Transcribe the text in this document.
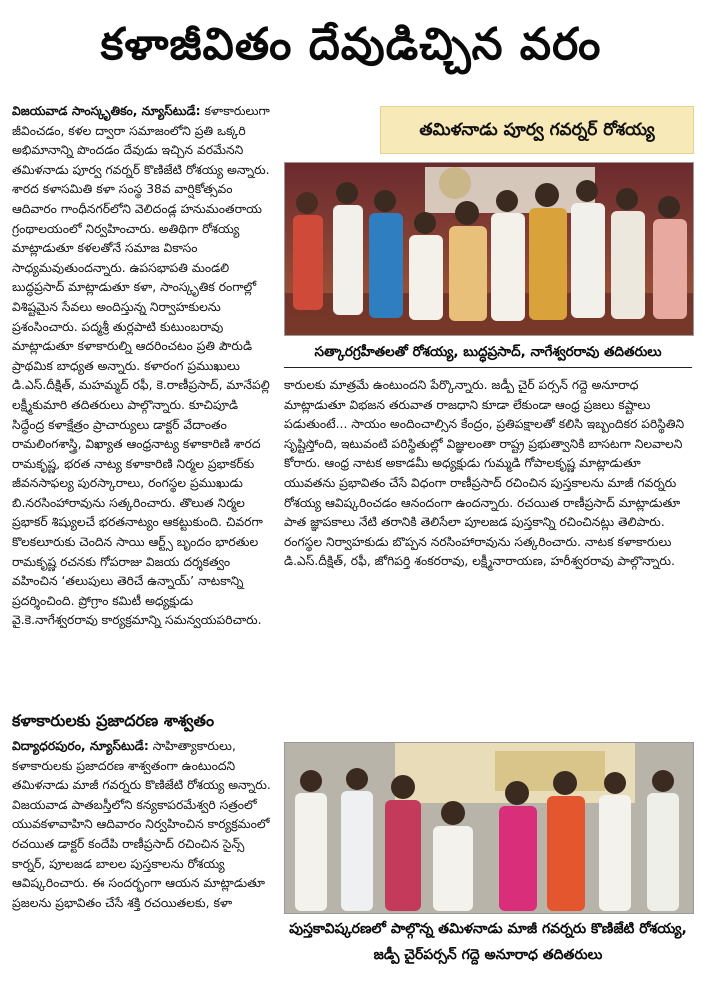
కళాజీవితం దేవుడిచ్చిన వరం

విజయవాడ సాంస్కృతికం, న్యూస్‌టుడే: కళాకారులుగా జీవించడం, కళల ద్వారా సమాజంలోని ప్రతి ఒక్కరి అభిమానాన్ని పొందడం దేవుడు ఇచ్చిన వరమేనని తమిళనాడు పూర్వ గవర్నర్ కొణిజేటి రోశయ్య అన్నారు. శారద కళాసమితి కళా సంస్థ 38వ వార్షికోత్సవం ఆదివారం గాంధీనగర్‌లోని వెలిదండ్ల హనుమంతరాయ గ్రంథాలయంలో నిర్వహించారు. అతిథిగా రోశయ్య మాట్లాడుతూ కళలతోనే సమాజ వికాసం సాధ్యమవుతుందన్నారు. ఉపసభాపతి మండలి బుద్ధప్రసాద్ మాట్లాడుతూ కళా, సాంస్కృతిక రంగాల్లో విశిష్టమైన సేవలు అందిస్తున్న నిర్వాహకులను ప్రశంసించారు. పద్మశ్రీ తుర్లపాటి కుటుంబరావు మాట్లాడుతూ కళాకారుల్ని ఆదరించటం ప్రతి పౌరుడి ప్రాథమిక బాధ్యత అన్నారు. కళారంగ ప్రముఖులు డి.ఎస్.దీక్షిత్, మహమ్మద్ రఫీ, కె.రాణీప్రసాద్, మానేపల్లి లక్ష్మీకుమారి తదితరులు పాల్గొన్నారు. కూచిపూడి సిద్ధేంద్ర కళాక్షేత్రం ప్రాచార్యులు డాక్టర్ వేదాంతం రామలింగశాస్త్రి, విఖ్యాత ఆంధ్రనాట్య కళాకారిణి శారద రామకృష్ణ, భరత నాట్య కళాకారిణి నిర్మల ప్రభాకర్‌కు జీవనసాఫల్య పురస్కారాలు, రంగస్థల ప్రముఖుడు బి.నరసింహారావును సత్కరించారు. తొలుత నిర్మల ప్రభాకర్ శిష్యులచే భరతనాట్యం ఆకట్టుకుంది. చివరగా కొలకలూరుకు చెందిన సాయి ఆర్ట్స్ బృందం భారతుల రామకృష్ణ రచనకు గోపరాజు విజయ దర్శకత్వం వహించిన ‘తలుపులు తెరిచే ఉన్నాయ్’ నాటకాన్ని ప్రదర్శించింది. ప్రోగ్రాం కమిటీ అధ్యక్షుడు వై.కె.నాగేశ్వరరావు కార్యక్రమాన్ని సమన్వయపరిచారు.

తమిళనాడు పూర్వ గవర్నర్ రోశయ్య
సత్కారగ్రహీతలతో రోశయ్య, బుద్ధప్రసాద్, నాగేశ్వరరావు తదితరులు

కారులకు మాత్రమే ఉంటుందని పేర్కొన్నారు. జడ్పీ చైర్ పర్సన్ గద్దె అనూరాధ మాట్లాడుతూ విభజన తరువాత రాజధాని కూడా లేకుండా ఆంధ్ర ప్రజలు కష్టాలు పడుతుంటే... సాయం అందించాల్సిన కేంద్రం, ప్రతిపక్షాలతో కలిసి ఇబ్బందికర పరిస్థితిని సృష్టిస్తోంది, ఇటువంటి పరిస్థితుల్లో విజ్ఞులంతా రాష్ట్ర ప్రభుత్వానికి బాసటగా నిలవాలని కోరారు. ఆంధ్ర నాటక అకాడమీ అధ్యక్షుడు గుమ్మడి గోపాలకృష్ణ మాట్లాడుతూ యువతను ప్రభావితం చేసే విధంగా రాణీప్రసాద్ రచించిన పుస్తకాలను మాజీ గవర్నరు రోశయ్య ఆవిష్కరించడం ఆనందంగా ఉందన్నారు. రచయిత రాణీప్రసాద్ మాట్లాడుతూ పాత జ్ఞాపకాలు నేటి తరానికి తెలిసేలా పూలజడ పుస్తకాన్ని రచించినట్లు తెలిపారు. రంగస్థల నిర్వాహకుడు బొప్పన నరసింహారావును సత్కరించారు. నాటక కళాకారులు డి.ఎస్.దీక్షిత్, రఫీ, జోగిపర్తి శంకరరావు, లక్ష్మీనారాయణ, హరీశ్వరరావు పాల్గొన్నారు.

కళాకారులకు ప్రజాదరణ శాశ్వతం

విద్యాధరపురం, న్యూస్‌టుడే: సాహిత్యాకారులు, కళాకారులకు ప్రజాదరణ శాశ్వతంగా ఉంటుందని తమిళనాడు మాజీ గవర్నరు కొణిజేటి రోశయ్య అన్నారు. విజయవాడ పాతబస్తీలోని కన్యకాపరమేశ్వరి సత్రంలో యువకళావాహిని ఆదివారం నిర్వహించిన కార్యక్రమంలో రచయిత డాక్టర్ కందేపి రాణీప్రసాద్ రచించిన సైన్స్ కార్నర్, పూలజడ బాలల పుస్తకాలను రోశయ్య ఆవిష్కరించారు. ఈ సందర్భంగా ఆయన మాట్లాడుతూ ప్రజలను ప్రభావితం చేసే శక్తి రచయితలకు, కళా

పుస్తకావిష్కరణలో పాల్గొన్న తమిళనాడు మాజీ గవర్నరు కొణిజేటి రోశయ్య, జడ్పీ చైర్‌పర్సన్ గద్దె అనూరాధ తదితరులు
